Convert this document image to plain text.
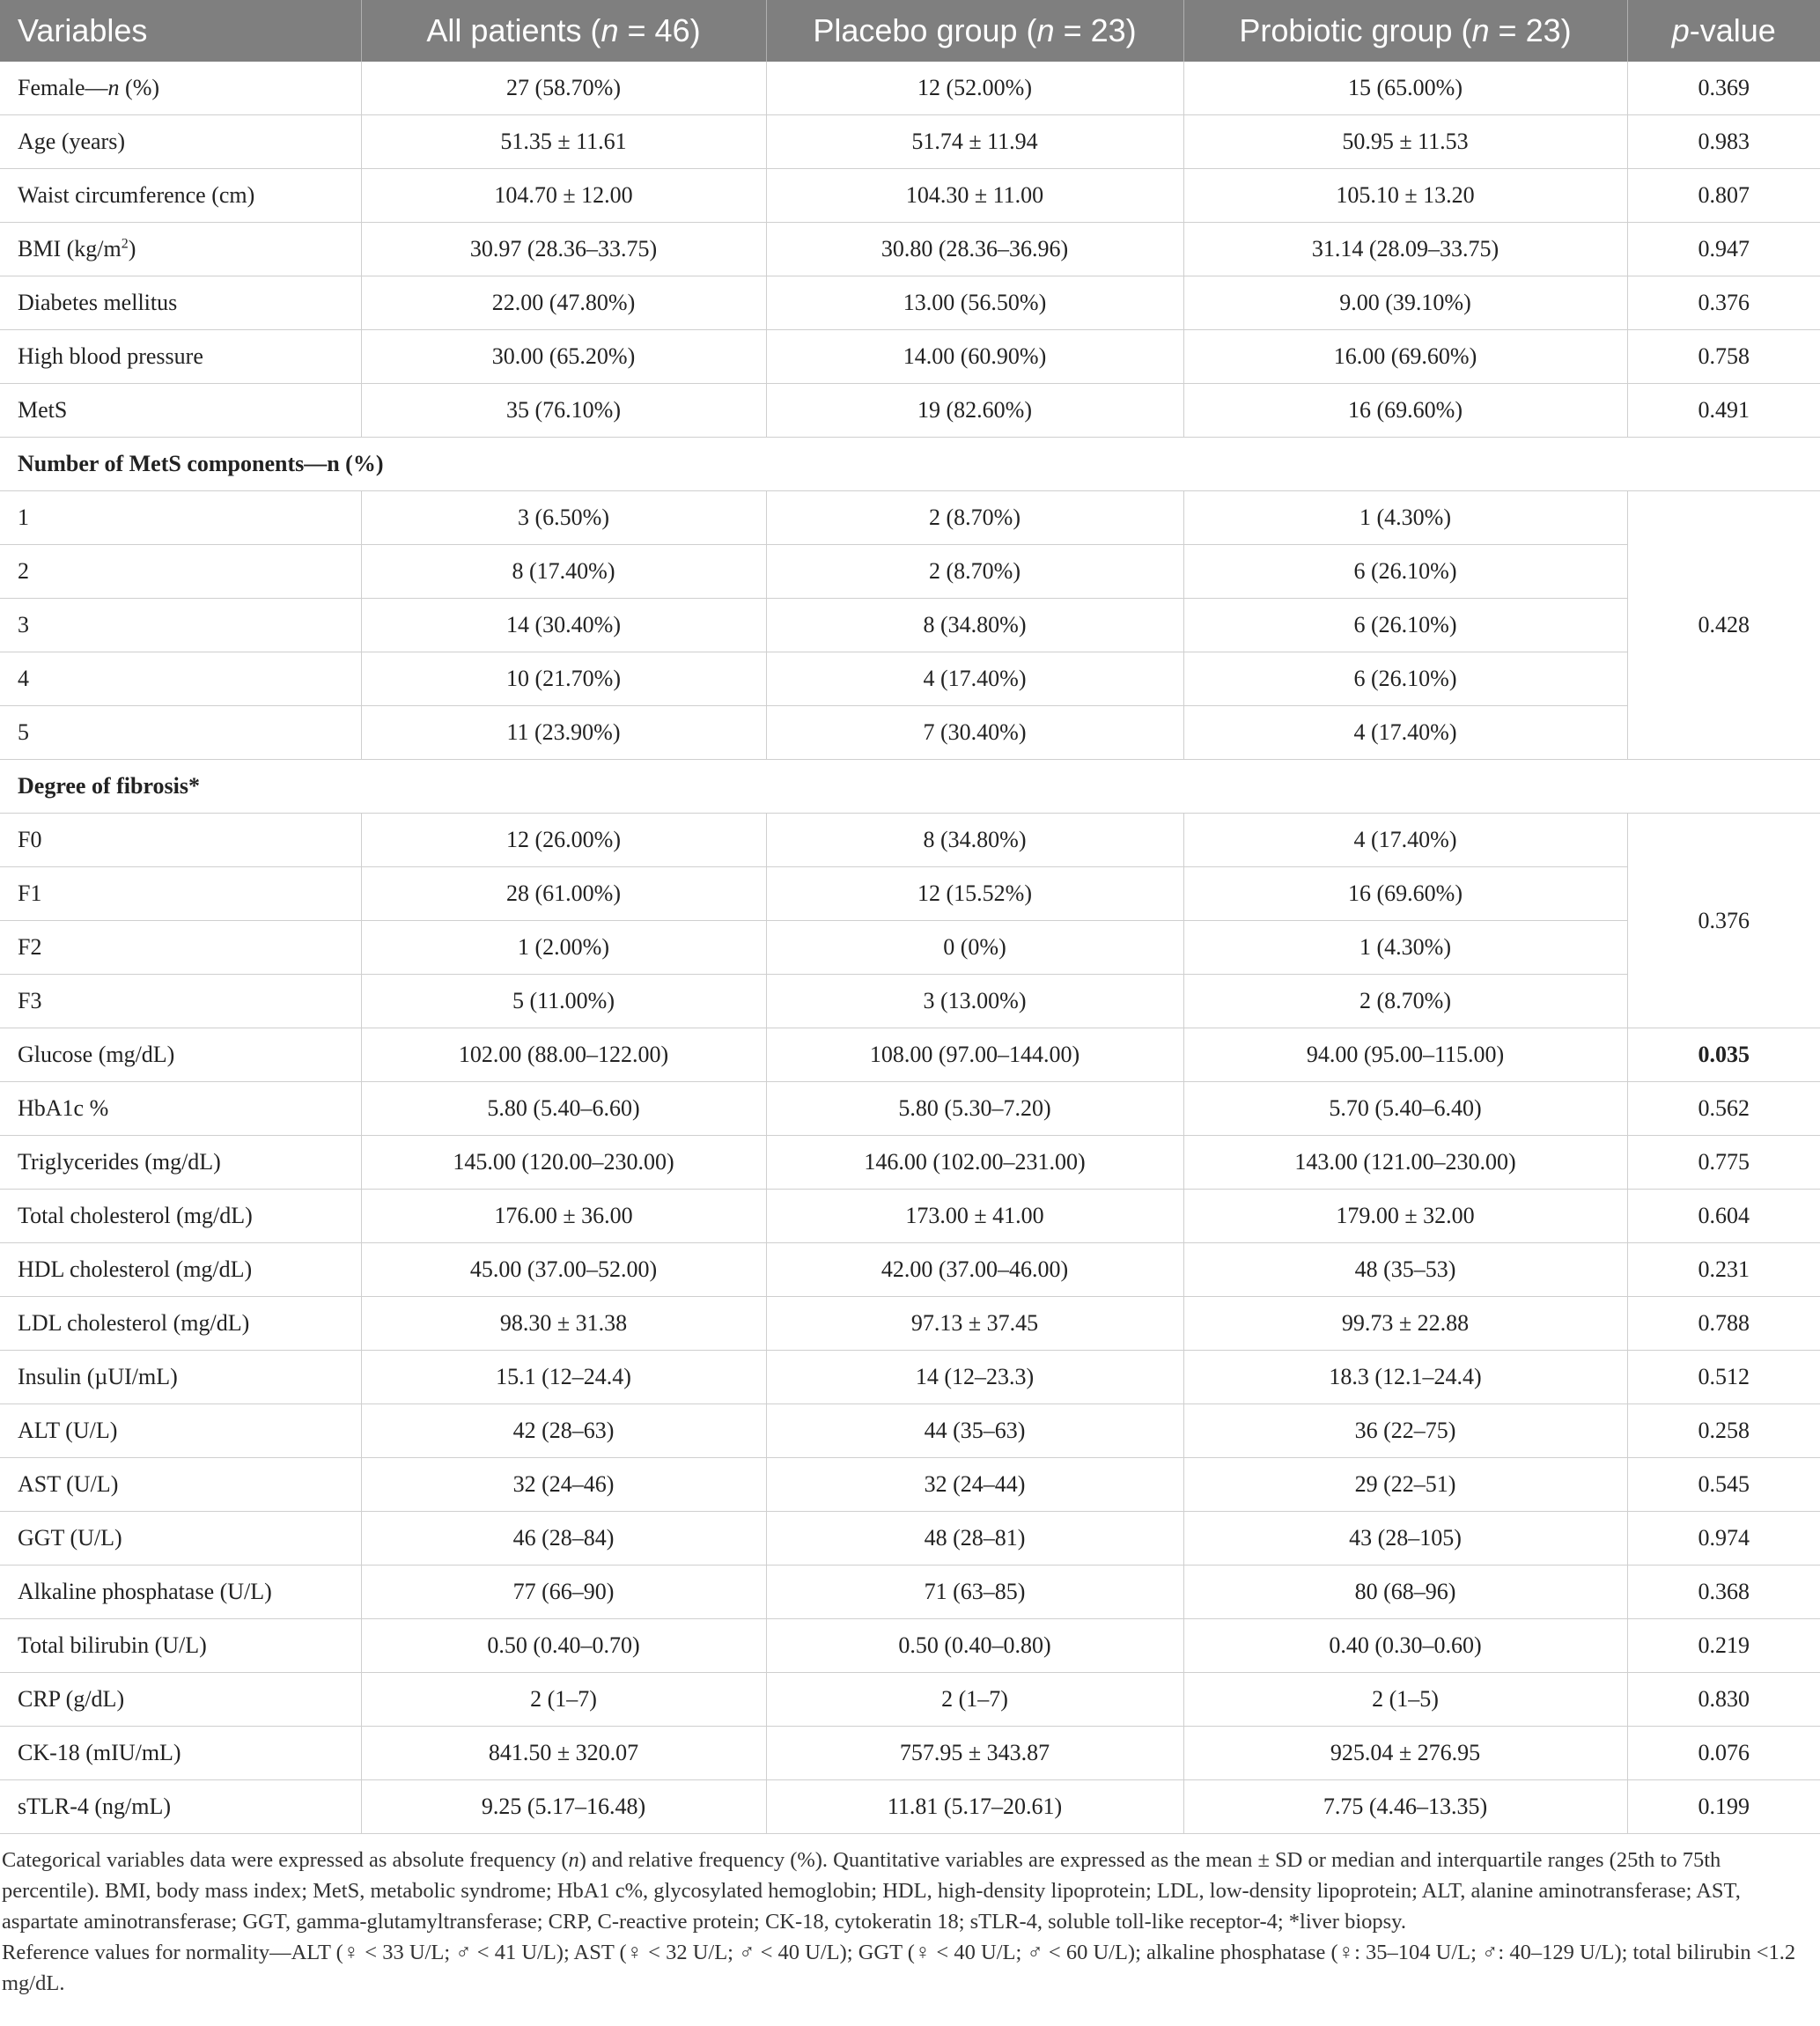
Variables	All patients (n = 46)	Placebo group (n = 23)	Probiotic group (n = 23)	p-value
Female—n (%)	27 (58.70%)	12 (52.00%)	15 (65.00%)	0.369
Age (years)	51.35 ± 11.61	51.74 ± 11.94	50.95 ± 11.53	0.983
Waist circumference (cm)	104.70 ± 12.00	104.30 ± 11.00	105.10 ± 13.20	0.807
BMI $(kg/m^2)$	30.97 (28.36–33.75)	30.80 (28.36–36.96)	31.14 (28.09–33.75)	0.947
Diabetes mellitus	22.00 (47.80%)	13.00 (56.50%)	9.00 (39.10%)	0.376
High blood pressure	30.00 (65.20%)	14.00 (60.90%)	16.00 (69.60%)	0.758
MetS	35 (76.10%)	19 (82.60%)	16 (69.60%)	0.491
Number of MetS components—n (%)				
1	3 (6.50%)	2 (8.70%)	1 (4.30%)	0.428
2	8 (17.40%)	2 (8.70%)	6 (26.10%)	
3	14 (30.40%)	8 (34.80%)	6 (26.10%)	
4	10 (21.70%)	4 (17.40%)	6 (26.10%)	
5	11 (23.90%)	7 (30.40%)	4 (17.40%)	
Degree of fibrosis*				
F0	12 (26.00%)	8 (34.80%)	4 (17.40%)	0.376
F1	28 (61.00%)	12 (15.52%)	16 (69.60%)	
F2	1 (2.00%)	0 (0%)	1 (4.30%)	
F3	5 (11.00%)	3 (13.00%)	2 (8.70%)	
Glucose (mg/dL)	102.00 (88.00–122.00)	108.00 (97.00–144.00)	94.00 (95.00–115.00)	0.035
HbA1c %	5.80 (5.40–6.60)	5.80 (5.30–7.20)	5.70 (5.40–6.40)	0.562
Triglycerides (mg/dL)	145.00 (120.00–230.00)	146.00 (102.00–231.00)	143.00 (121.00–230.00)	0.775
Total cholesterol (mg/dL)	176.00 ± 36.00	173.00 ± 41.00	179.00 ± 32.00	0.604
HDL cholesterol (mg/dL)	45.00 (37.00–52.00)	42.00 (37.00–46.00)	48 (35–53)	0.231
LDL cholesterol (mg/dL)	98.30 ± 31.38	97.13 ± 37.45	99.73 ± 22.88	0.788
Insulin (µUI/mL)	15.1 (12–24.4)	14 (12–23.3)	18.3 (12.1–24.4)	0.512
ALT (U/L)	42 (28–63)	44 (35–63)	36 (22–75)	0.258
AST (U/L)	32 (24–46)	32 (24–44)	29 (22–51)	0.545
GGT (U/L)	46 (28–84)	48 (28–81)	43 (28–105)	0.974
Alkaline phosphatase (U/L)	77 (66–90)	71 (63–85)	80 (68–96)	0.368
Total bilirubin (U/L)	0.50 (0.40–0.70)	0.50 (0.40–0.80)	0.40 (0.30–0.60)	0.219
CRP (g/dL)	2 (1–7)	2 (1–7)	2 (1–5)	0.830
CK-18 (mIU/mL)	841.50 ± 320.07	757.95 ± 343.87	925.04 ± 276.95	0.076
sTLR-4 (ng/mL)	9.25 (5.17–16.48)	11.81 (5.17–20.61)	7.75 (4.46–13.35)	0.199

Categorical variables data were expressed as absolute frequency (n) and relative frequency (%). Quantitative variables are expressed as the mean ± SD or median and interquartile ranges (25th to 75th percentile). BMI, body mass index; MetS, metabolic syndrome; HbA1 c%, glycosylated hemoglobin; HDL, high-density lipoprotein; LDL, low-density lipoprotein; ALT, alanine aminotransferase; AST, aspartate aminotransferase; GGT, gamma-glutamyltransferase; CRP, C-reactive protein; CK-18, cytokeratin 18; sTLR-4, soluble toll-like receptor-4; *liver biopsy.

Reference values for normality—ALT (♀ < 33 U/L; ♂ < 41 U/L); AST (♀ < 32 U/L; ♂ < 40 U/L); GGT (♀ < 40 U/L; ♂ < 60 U/L); alkaline phosphatase (♀: 35–104 U/L; ♂: 40–129 U/L); total bilirubin <1.2 mg/dL.
